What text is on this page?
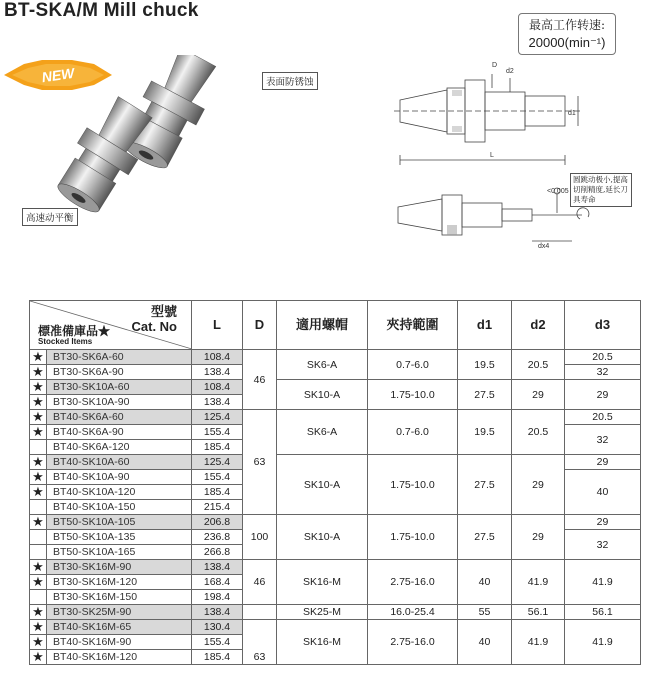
BT-SKA/M Mill chuck
最高工作转速:
20000(min⁻¹)
NEW	表面防锈蚀
高速动平衡
D
d2
d1
L
<0.005
dx4
圆跳动极小,提高切削精度,延长刀具寿命
型號
Cat. No
標准備庫品★
Stocked Items		L	D	適用螺帽	夾持範圍	d1	d2	d3
★	BT30-SK6A-60	108.4	46	SK6-A	0.7-6.0	19.5	20.5	20.5
★	BT30-SK6A-90	138.4						32
★	BT30-SK10A-60	108.4		SK10-A	1.75-10.0	27.5	29	29
★	BT30-SK10A-90	138.4						
★	BT40-SK6A-60	125.4	63	SK6-A	0.7-6.0	19.5	20.5	20.5
★	BT40-SK6A-90	155.4						32
	BT40-SK6A-120	185.4						
★	BT40-SK10A-60	125.4		SK10-A	1.75-10.0	27.5	29	29
★	BT40-SK10A-90	155.4						40
★	BT40-SK10A-120	185.4						
	BT40-SK10A-150	215.4						
★	BT50-SK10A-105	206.8	100	SK10-A	1.75-10.0	27.5	29	29
	BT50-SK10A-135	236.8						32
	BT50-SK10A-165	266.8						
★	BT30-SK16M-90	138.4	46	SK16-M	2.75-16.0	40	41.9	41.9
★	BT30-SK16M-120	168.4						
	BT30-SK16M-150	198.4						
★	BT30-SK25M-90	138.4		SK25-M	16.0-25.4	55	56.1	56.1
★	BT40-SK16M-65	130.4	63	SK16-M	2.75-16.0	40	41.9	41.9
★	BT40-SK16M-90	155.4						
★	BT40-SK16M-120	185.4						
